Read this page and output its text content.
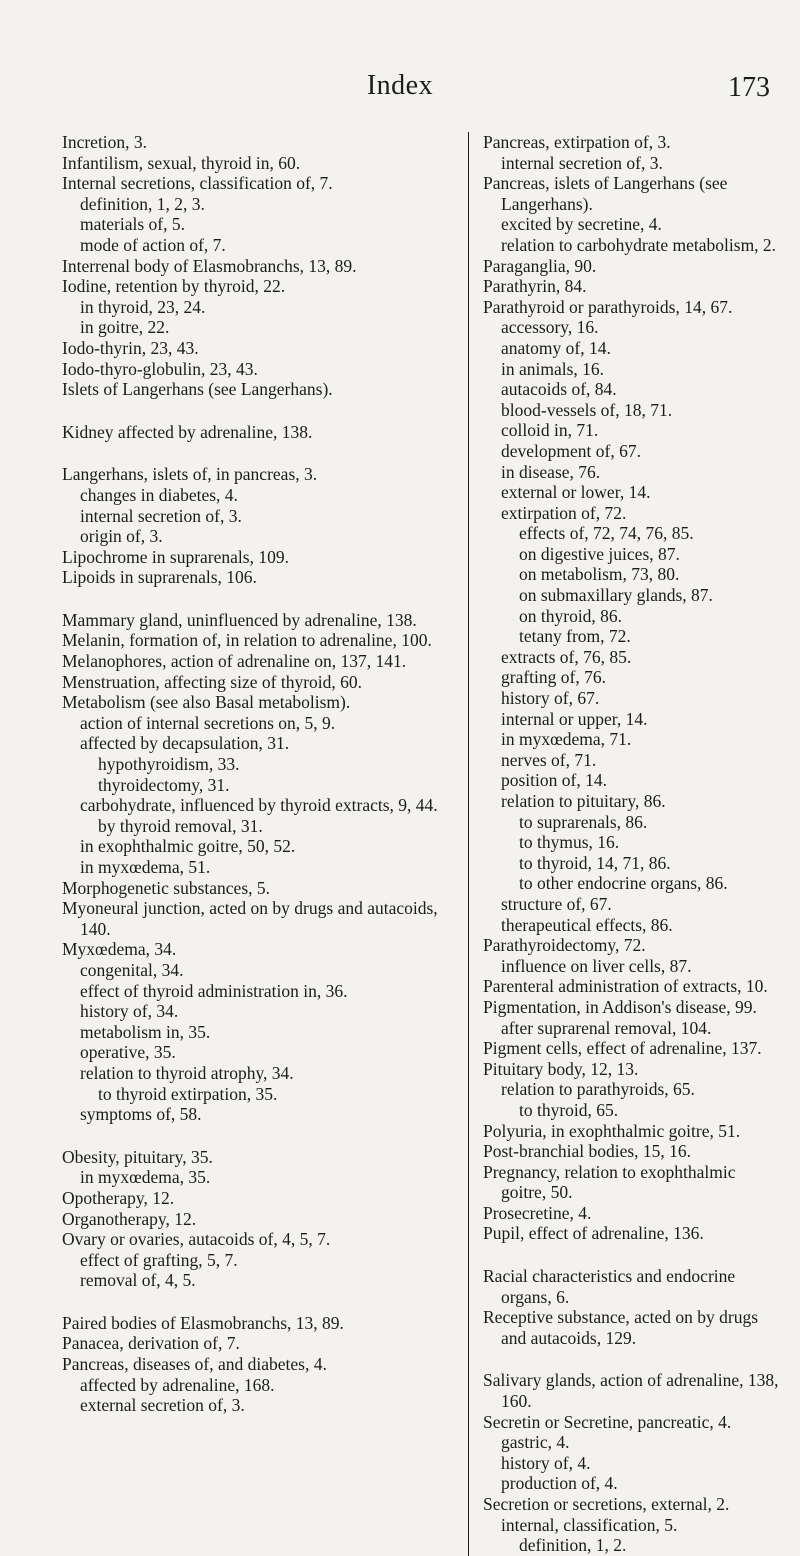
Index	173
Incretion, 3.
Infantilism, sexual, thyroid in, 60.
Internal secretions, classification of, 7.
definition, 1, 2, 3.
materials of, 5.
mode of action of, 7.
Interrenal body of Elasmobranchs, 13, 89.
Iodine, retention by thyroid, 22.
in thyroid, 23, 24.
in goitre, 22.
Iodo-thyrin, 23, 43.
Iodo-thyro-globulin, 23, 43.
Islets of Langerhans (see Langerhans).
Kidney affected by adrenaline, 138.
Langerhans, islets of, in pancreas, 3.
changes in diabetes, 4.
internal secretion of, 3.
origin of, 3.
Lipochrome in suprarenals, 109.
Lipoids in suprarenals, 106.
Mammary gland, uninfluenced by adrenaline, 138.
Melanin, formation of, in relation to adrenaline, 100.
Melanophores, action of adrenaline on, 137, 141.
Menstruation, affecting size of thyroid, 60.
Metabolism (see also Basal metabolism).
action of internal secretions on, 5, 9.
affected by decapsulation, 31.
hypothyroidism, 33.
thyroidectomy, 31.
carbohydrate, influenced by thyroid extracts, 9, 44.
by thyroid removal, 31.
in exophthalmic goitre, 50, 52.
in myxœdema, 51.
Morphogenetic substances, 5.
Myoneural junction, acted on by drugs and autacoids, 140.
Myxœdema, 34.
congenital, 34.
effect of thyroid administration in, 36.
history of, 34.
metabolism in, 35.
operative, 35.
relation to thyroid atrophy, 34.
to thyroid extirpation, 35.
symptoms of, 58.
Obesity, pituitary, 35.
in myxœdema, 35.
Opotherapy, 12.
Organotherapy, 12.
Ovary or ovaries, autacoids of, 4, 5, 7.
effect of grafting, 5, 7.
removal of, 4, 5.
Paired bodies of Elasmobranchs, 13, 89.
Panacea, derivation of, 7.
Pancreas, diseases of, and diabetes, 4.
affected by adrenaline, 168.
external secretion of, 3.
Pancreas, extirpation of, 3.
internal secretion of, 3.
Pancreas, islets of Langerhans (see Langerhans).
excited by secretine, 4.
relation to carbohydrate metabolism, 2.
Paraganglia, 90.
Parathyrin, 84.
Parathyroid or parathyroids, 14, 67.
accessory, 16.
anatomy of, 14.
in animals, 16.
autacoids of, 84.
blood-vessels of, 18, 71.
colloid in, 71.
development of, 67.
in disease, 76.
external or lower, 14.
extirpation of, 72.
effects of, 72, 74, 76, 85.
on digestive juices, 87.
on metabolism, 73, 80.
on submaxillary glands, 87.
on thyroid, 86.
tetany from, 72.
extracts of, 76, 85.
grafting of, 76.
history of, 67.
internal or upper, 14.
in myxœdema, 71.
nerves of, 71.
position of, 14.
relation to pituitary, 86.
to suprarenals, 86.
to thymus, 16.
to thyroid, 14, 71, 86.
to other endocrine organs, 86.
structure of, 67.
therapeutical effects, 86.
Parathyroidectomy, 72.
influence on liver cells, 87.
Parenteral administration of extracts, 10.
Pigmentation, in Addison's disease, 99.
after suprarenal removal, 104.
Pigment cells, effect of adrenaline, 137.
Pituitary body, 12, 13.
relation to parathyroids, 65.
to thyroid, 65.
Polyuria, in exophthalmic goitre, 51.
Post-branchial bodies, 15, 16.
Pregnancy, relation to exophthalmic goitre, 50.
Prosecretine, 4.
Pupil, effect of adrenaline, 136.
Racial characteristics and endocrine organs, 6.
Receptive substance, acted on by drugs and autacoids, 129.
Salivary glands, action of adrenaline, 138, 160.
Secretin or Secretine, pancreatic, 4.
gastric, 4.
history of, 4.
production of, 4.
Secretion or secretions, external, 2.
internal, classification, 5.
definition, 1, 2.
